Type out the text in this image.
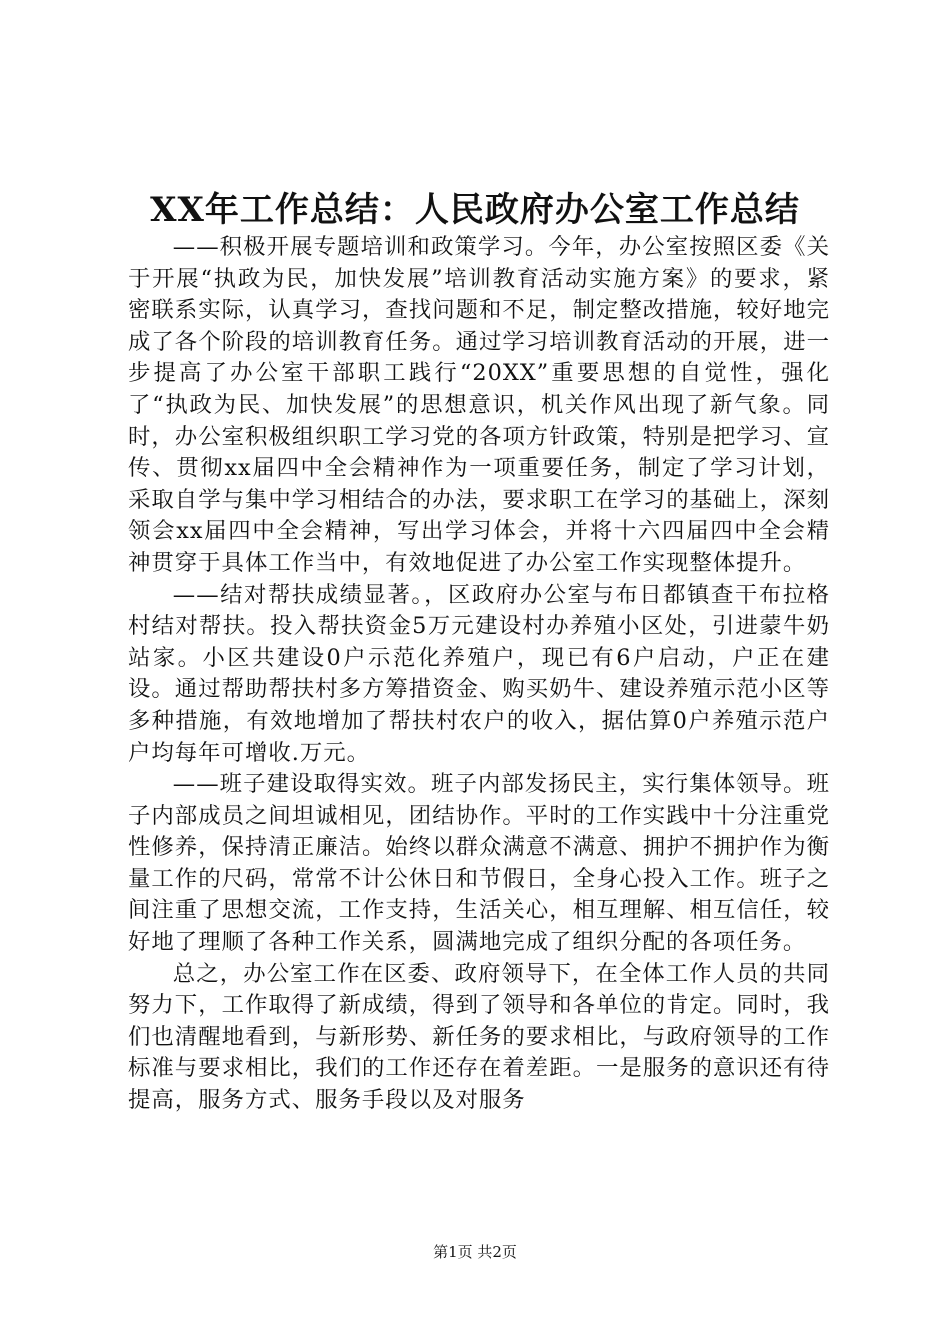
XX年工作总结：人民政府办公室工作总结

——积极开展专题培训和政策学习。今年，办公室按照区委《关于开展“执政为民，加快发展”培训教育活动实施方案》的要求，紧密联系实际，认真学习，查找问题和不足，制定整改措施，较好地完成了各个阶段的培训教育任务。通过学习培训教育活动的开展，进一步提高了办公室干部职工践行“20XX”重要思想的自觉性，强化了“执政为民、加快发展”的思想意识，机关作风出现了新气象。同时，办公室积极组织职工学习党的各项方针政策，特别是把学习、宣传、贯彻xx届四中全会精神作为一项重要任务，制定了学习计划，采取自学与集中学习相结合的办法，要求职工在学习的基础上，深刻领会xx届四中全会精神，写出学习体会，并将十六四届四中全会精神贯穿于具体工作当中，有效地促进了办公室工作实现整体提升。

——结对帮扶成绩显著。，区政府办公室与布日都镇查干布拉格村结对帮扶。投入帮扶资金5万元建设村办养殖小区处，引进蒙牛奶站家。小区共建设0户示范化养殖户，现已有6户启动，户正在建设。通过帮助帮扶村多方筹措资金、购买奶牛、建设养殖示范小区等多种措施，有效地增加了帮扶村农户的收入，据估算0户养殖示范户户均每年可增收.万元。

——班子建设取得实效。班子内部发扬民主，实行集体领导。班子内部成员之间坦诚相见，团结协作。平时的工作实践中十分注重党性修养，保持清正廉洁。始终以群众满意不满意、拥护不拥护作为衡量工作的尺码，常常不计公休日和节假日，全身心投入工作。班子之间注重了思想交流，工作支持，生活关心，相互理解、相互信任，较好地了理顺了各种工作关系，圆满地完成了组织分配的各项任务。

总之，办公室工作在区委、政府领导下，在全体工作人员的共同努力下，工作取得了新成绩，得到了领导和各单位的肯定。同时，我们也清醒地看到，与新形势、新任务的要求相比，与政府领导的工作标准与要求相比，我们的工作还存在着差距。一是服务的意识还有待提高，服务方式、服务手段以及对服务

第1页 共2页
